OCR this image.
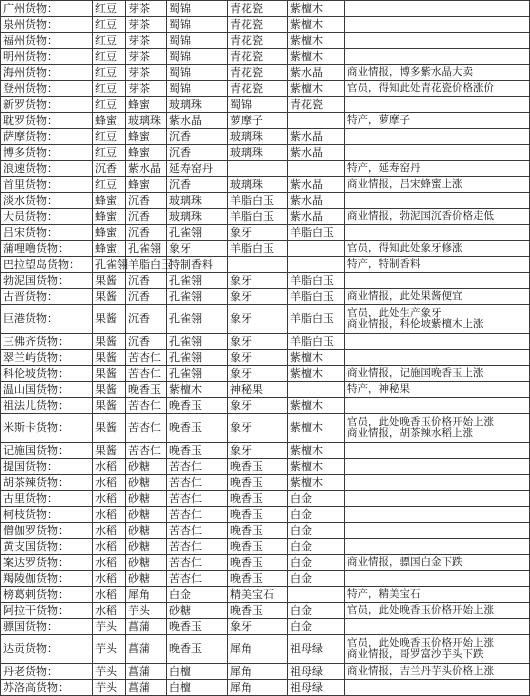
广州货物：	红豆	芽茶	蜀锦	青花瓷	紫檀木	
泉州货物：	红豆	芽茶	蜀锦	青花瓷	紫檀木	
福州货物：	红豆	芽茶	蜀锦	青花瓷	紫檀木	
明州货物：	红豆	芽茶	蜀锦	青花瓷	紫檀木	
海州货物：	红豆	芽茶	蜀锦	青花瓷	紫水晶	商业情报，博多紫水晶大卖

登州货物：	红豆	芽茶	蜀锦	青花瓷	紫檀木	官员，得知此处青花瓷价格涨价

新罗货物：	红豆	蜂蜜	玻璃珠	蜀锦	青花瓷	
耽罗货物：	蜂蜜	玻璃珠	紫水晶	萝摩子		特产，萝摩子

萨摩货物：	红豆	蜂蜜	沉香	玻璃珠	紫水晶	
博多货物：	红豆	蜂蜜	沉香	玻璃珠	紫水晶	
浪速货物：	沉香	紫水晶	延寿窑丹			特产，延寿窑丹

首里货物：	红豆	蜂蜜	沉香	玻璃珠	紫水晶	商业情报，吕宋蜂蜜上涨

淡水货物：	蜂蜜	沉香	玻璃珠	羊脂白玉	紫水晶	
大员货物：	蜂蜜	沉香	玻璃珠	羊脂白玉	紫水晶	商业情报，勃泥国沉香价格走低

吕宋货物：	蜂蜜	沉香	孔雀翎	象牙	羊脂白玉	
蒲哩噜货物：	蜂蜜	孔雀翎	象牙	羊脂白玉		官员，得知此处象牙修涨

巴拉望岛货物：	孔雀翎	羊脂白玉	特制香料			特产，特制香料

勃泥国货物：	果酱	沉香	孔雀翎	象牙	羊脂白玉	
古晋货物：	果酱	沉香	孔雀翎	象牙	羊脂白玉	商业情报，此处果酱便宜

巨港货物：	果酱	沉香	孔雀翎	象牙	羊脂白玉	官员，此处生产象牙
商业情报，科伦坡紫檀木上涨

三佛齐货物：	果酱	沉香	孔雀翎	象牙	羊脂白玉	
翠兰屿货物：	果酱	苦杏仁	孔雀翎	象牙	紫檀木	
科伦坡货物：	果酱	苦杏仁	孔雀翎	象牙	紫檀木	商业情报，记施国晚香玉上涨

温山国货物：	果酱	晚香玉	紫檀木	神秘果		特产，神秘果

祖法儿货物：	果酱	苦杏仁	晚香玉	象牙	紫檀木	
米斯卡货物：	果酱	苦杏仁	晚香玉	象牙	紫檀木	官员，此处晚香玉价格开始上涨
商业情报，胡茶辣水稻上涨

记施国货物：	果酱	苦杏仁	晚香玉	象牙	紫檀木	
提国货物：	水稻	砂糖	苦杏仁	晚香玉	紫檀木	
胡茶辣货物：	水稻	砂糖	苦杏仁	晚香玉	紫檀木	
古里货物：	水稻	砂糖	苦杏仁	晚香玉	白金	
柯枝货物：	水稻	砂糖	苦杏仁	晚香玉	白金	
僧伽罗货物：	水稻	砂糖	苦杏仁	晚香玉	白金	
黄支国货物：	水稻	砂糖	苦杏仁	晚香玉	白金	
案达罗货物：	水稻	砂糖	苦杏仁	晚香玉	白金	商业情报，骠国白金下跌

羯陵伽货物：	水稻	砂糖	苦杏仁	晚香玉	白金	
榜葛剌货物：	水稻	犀角	白金	精美宝石		特产，精美宝石

阿拉干货物：	水稻	芋头	砂糖	晚香玉	白金	官员，此处晚香玉价格开始上涨

骠国货物：	芋头	菖蒲	晚香玉	象牙	白金	
达贡货物：	芋头	菖蒲	晚香玉	犀角	祖母绿	官员，此处晚香玉价格开始上涨
商业情报，哥罗富沙芋头下跌

丹老货物：	芋头	菖蒲	白檀	犀角	祖母绿	商业情报，吉兰丹芋头价格上涨

苏洛高货物：	芋头	菖蒲	白檀	犀角	祖母绿	
